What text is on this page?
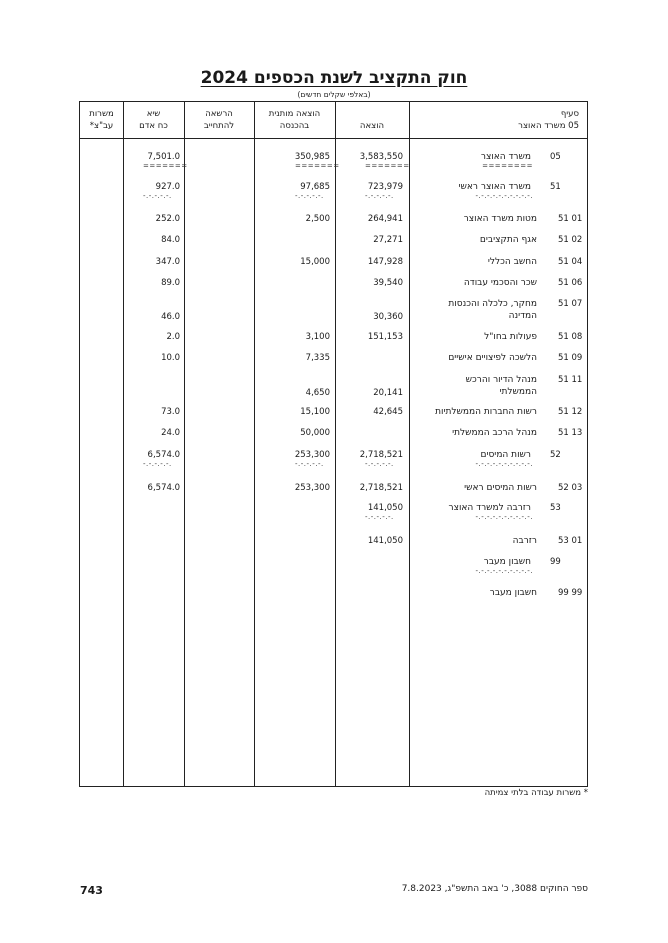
חוק התקציב לשנת הכספים 2024
(באלפי שקלים חדשים)
משרות
עב"צ*
שיא
כח אדם
הרשאה
להתחייב
הוצאה מותנית
בהכנסה	הוצאה
סעיף
05 משרד האוצר
05
משרד האוצר
3,583,550
350,985
7,501.0
========
=======
=======
=======
51
משרד האוצר ראשי
723,979
97,685
927.0
-.-.-.-.-.-.-.-.-.-.
-.-.-.-.-.
-.-.-.-.-.
-.-.-.-.-.
51 01
מטות משרד האוצר
264,941
2,500
252.0
51 02
אגף התקציבים
27,271
84.0
51 04
החשב הכללי
147,928
15,000
347.0
51 06
שכר והסכמי עבודה
39,540
89.0
51 07
מחקר, כלכלה והכנסות
המדינה
30,360
46.0
51 08
פעולות בחו"ל
151,153
3,100
2.0
51 09
הלשכה לפיצויים אישיים
7,335
10.0
51 11
מנהל הדיור והרכש
הממשלתי
20,141
4,650
51 12
רשות החברות הממשלתיות
42,645
15,100
73.0
51 13
מנהל הרכב הממשלתי
50,000
24.0
52
רשות המיסים
2,718,521
253,300
6,574.0
-.-.-.-.-.-.-.-.-.-.
-.-.-.-.-.
-.-.-.-.-.
-.-.-.-.-.
52 03
רשות המיסים ראשי
2,718,521
253,300
6,574.0
53
רזרבה למשרד האוצר
141,050
-.-.-.-.-.-.-.-.-.-.
-.-.-.-.-.
53 01
רזרבה
141,050
99
חשבון מעבר
-.-.-.-.-.-.-.-.-.-.
99 99
חשבון מעבר
* משרות עבודה בלתי צמיתה
743	ספר החוקים 3088, כ' באב התשפ"ג, 7.8.2023
